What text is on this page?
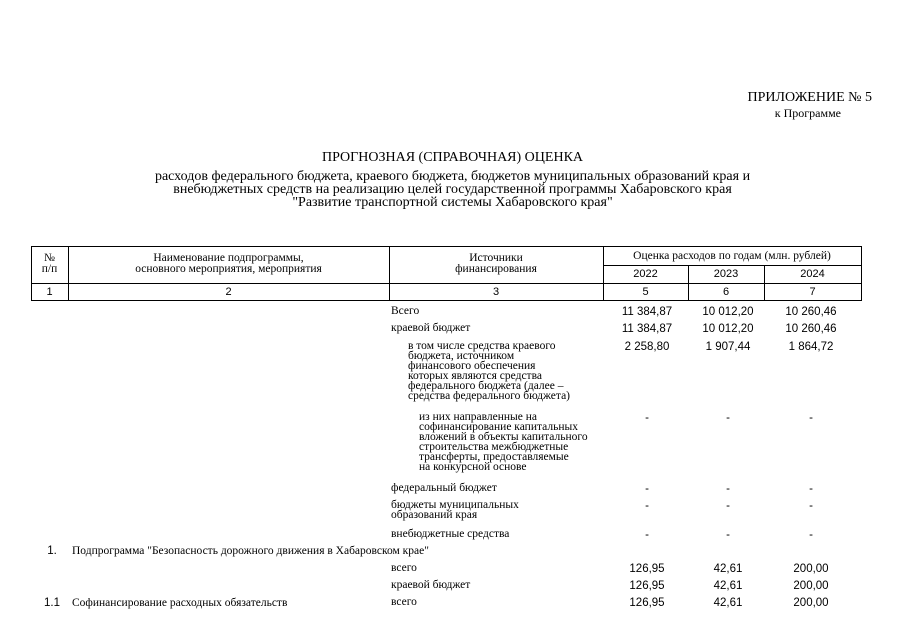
ПРИЛОЖЕНИЕ № 5
к Программе
ПРОГНОЗНАЯ (СПРАВОЧНАЯ) ОЦЕНКА
расходов федерального бюджета, краевого бюджета, бюджетов муниципальных образований края и
внебюджетных средств на реализацию целей государственной программы Хабаровского края
"Развитие транспортной системы Хабаровского края"
№
п/п
Наименование подпрограммы,
основного мероприятия, мероприятия
Источники
финансирования
Оценка расходов по годам (млн. рублей)
2022	2023	2024
1	2	3	5	6	7
Всего	11 384,87	10 012,20	10 260,46
краевой бюджет	11 384,87	10 012,20	10 260,46
в том числе средства краевого
бюджета, источником
финансового обеспечения
которых являются средства
федерального бюджета (далее –
средства федерального бюджета)
2 258,80	1 907,44	1 864,72
из них направленные на
софинансирование капитальных
вложений в объекты капитального
строительства межбюджетные
трансферты, предоставляемые
на конкурсной основе
-	-	-
федеральный бюджет	-	-	-
бюджеты муниципальных
образований края
-	-	-
внебюджетные средства	-	-	-
1.	Подпрограмма "Безопасность дорожного движения в Хабаровском крае"
всего	126,95	42,61	200,00
краевой бюджет	126,95	42,61	200,00
1.1	Софинансирование расходных обязательств	всего	126,95	42,61	200,00
